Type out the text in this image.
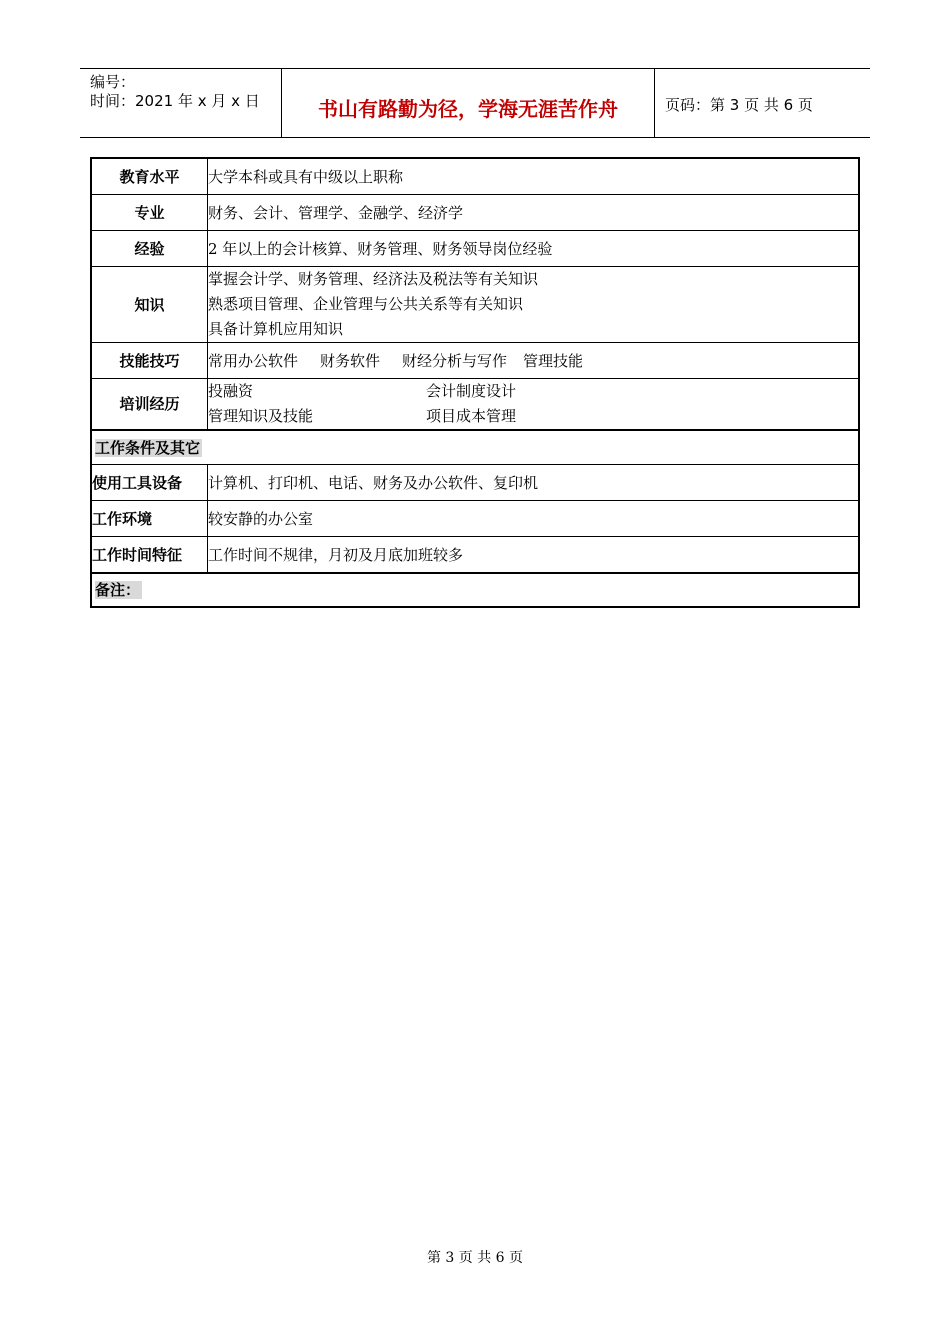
编号：
时间：2021 年 x 月 x 日	书山有路勤为径，学海无涯苦作舟	页码：第 3 页 共 6 页
教育水平	大学本科或具有中级以上职称
专业	财务、会计、管理学、金融学、经济学
经验	2 年以上的会计核算、财务管理、财务领导岗位经验
知识	掌握会计学、财务管理、经济法及税法等有关知识
熟悉项目管理、企业管理与公共关系等有关知识
具备计算机应用知识

技能技巧	常用办公软件 财务软件 财经分析与写作 管理技能
培训经历	投融资 会计制度设计
管理知识及技能 项目成本管理

工作条件及其它	
使用工具设备	计算机、打印机、电话、财务及办公软件、复印机
工作环境	较安静的办公室
工作时间特征	工作时间不规律，月初及月底加班较多
备注：	
第 3 页 共 6 页
